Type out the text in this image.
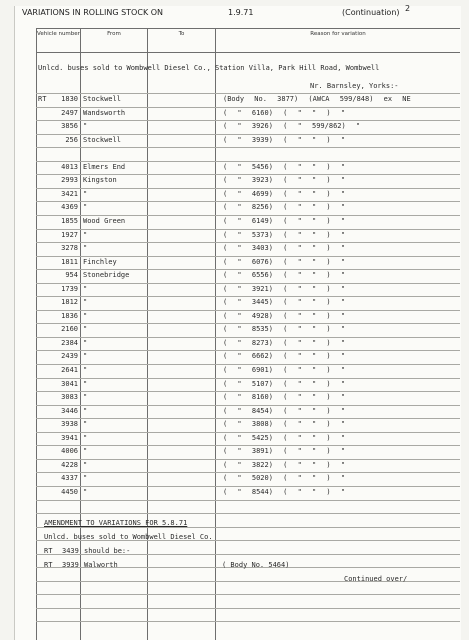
VARIATIONS IN ROLLING STOCK ON	1.9.71	(Continuation) 2
Vehicle number	From	To	Reason for variation
Unlcd. buses sold to Wombwell Diesel Co., Station Villa, Park Hill Road, Wombwell
Nr. Barnsley, Yorks:-
RT	1830 Stockwell	(Body No. 3877) (AWCA 599/848) ex NE
2497 Wandsworth	( " 6160) ( " " ) "
3856 "	( " 3926) ( " 599/862) "
256 Stockwell	( " 3939) ( " " ) "
4013 Elmers End	( " 5456) ( " " ) "
2993 Kingston	( " 3923) ( " " ) "
3421 "	( " 4699) ( " " ) "
4369 "	( " 8256) ( " " ) "
1855 Wood Green	( " 6149) ( " " ) "
1927 "	( " 5373) ( " " ) "
3278 "	( " 3403) ( " " ) "
1811 Finchley	( " 6076) ( " " ) "
954 Stonebridge	( " 6556) ( " " ) "
1739 "	( " 3921) ( " " ) "
1812 "	( " 3445) ( " " ) "
1836 "	( " 4928) ( " " ) "
2160 "	( " 8535) ( " " ) "
2384 "	( " 8273) ( " " ) "
2439 "	( " 6662) ( " " ) "
2641 "	( " 6901) ( " " ) "
3041 "	( " 5107) ( " " ) "
3083 "	( " 8160) ( " " ) "
3446 "	( " 8454) ( " " ) "
3938 "	( " 3808) ( " " ) "
3941 "	( " 5425) ( " " ) "
4006 "	( " 3891) ( " " ) "
4228 "	( " 3822) ( " " ) "
4337 "	( " 5020) ( " " ) "
4450 "	( " 8544) ( " " ) "
AMENDMENT TO VARIATIONS FOR 5.8.71
Unlcd. buses sold to Wombwell Diesel Co.
RT 3439 should be:-
RT 3939 Walworth	( Body No. 5464)
Continued over/
